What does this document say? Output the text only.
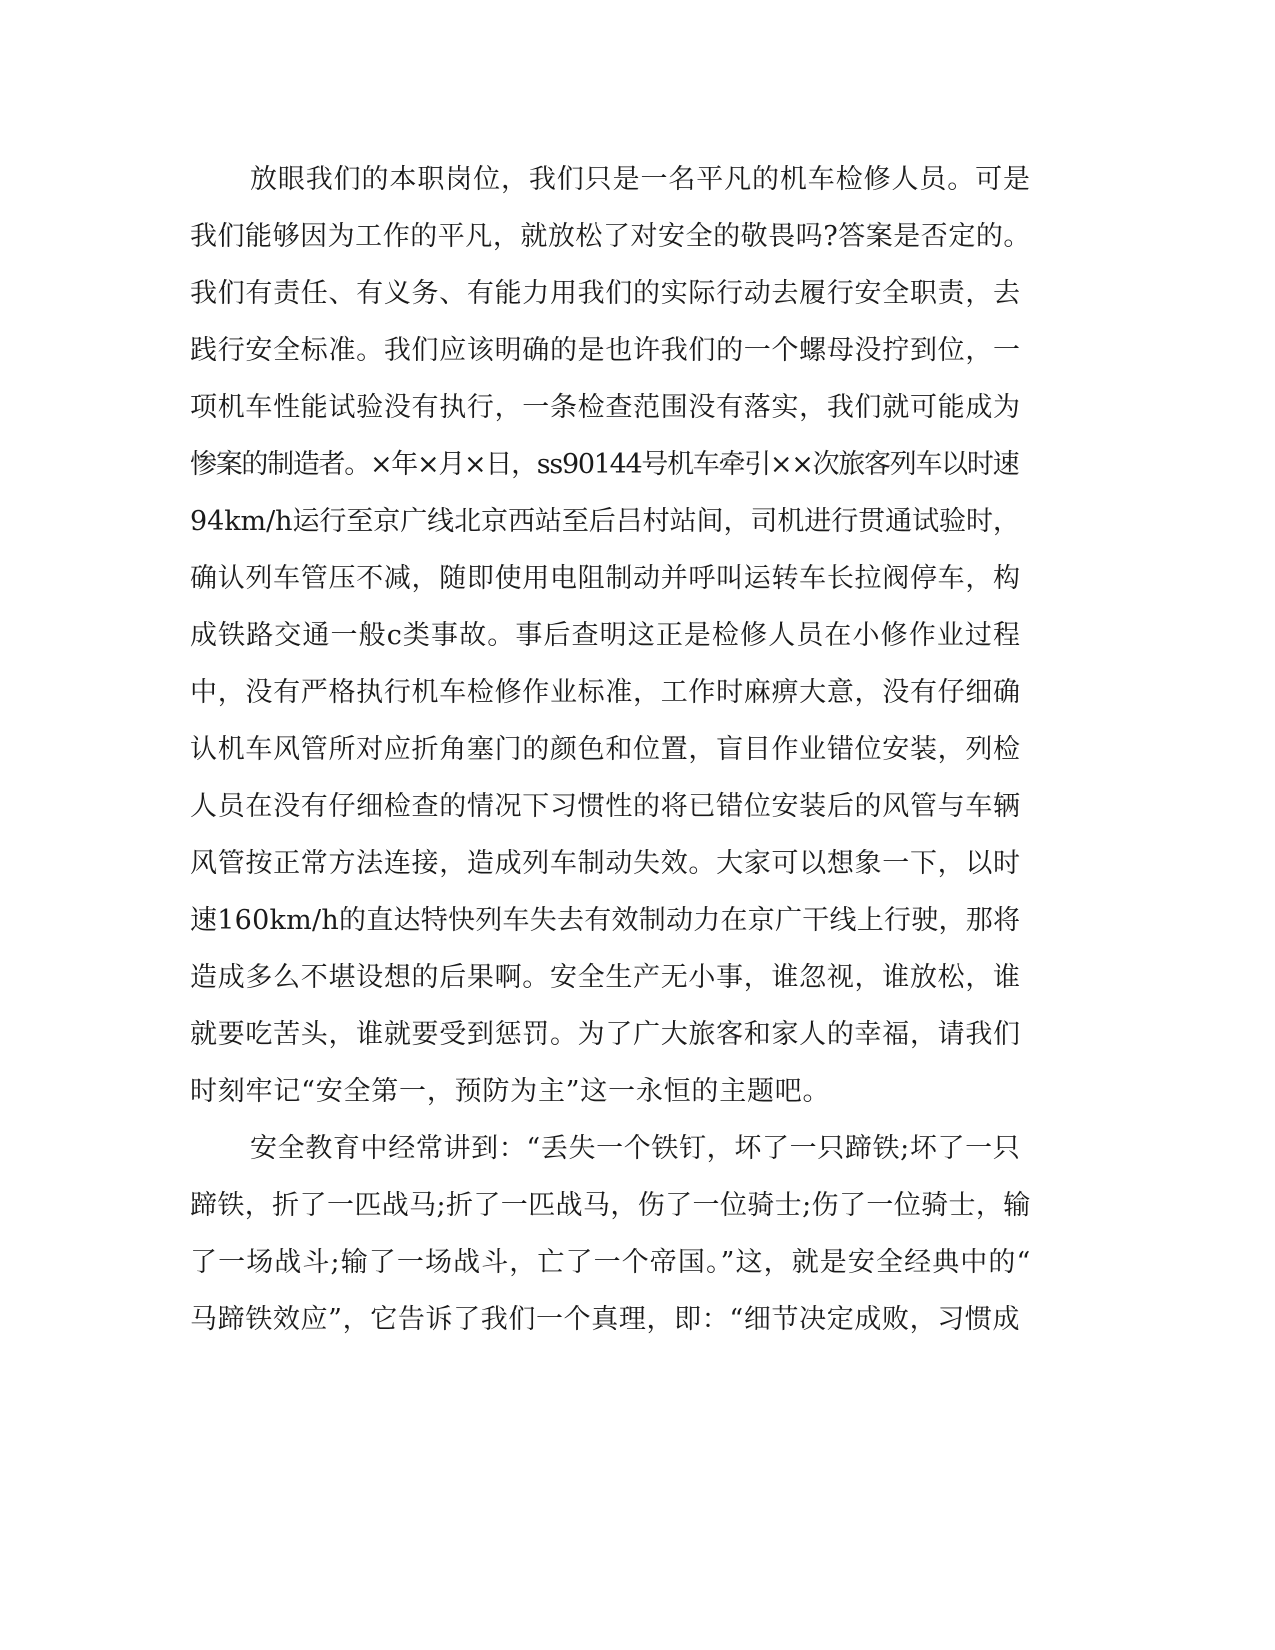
放眼我们的本职岗位，我们只是一名平凡的机车检修人员。可是
我们能够因为工作的平凡，就放松了对安全的敬畏吗?答案是否定的。
我们有责任、有义务、有能力用我们的实际行动去履行安全职责，去
践行安全标准。我们应该明确的是也许我们的一个螺母没拧到位，一
项机车性能试验没有执行，一条检查范围没有落实，我们就可能成为
惨案的制造者。×年×月×日，ss90144号机车牵引××次旅客列车以时速
94km/h运行至京广线北京西站至后吕村站间，司机进行贯通试验时，
确认列车管压不减，随即使用电阻制动并呼叫运转车长拉阀停车，构
成铁路交通一般c类事故。事后查明这正是检修人员在小修作业过程
中，没有严格执行机车检修作业标准，工作时麻痹大意，没有仔细确
认机车风管所对应折角塞门的颜色和位置，盲目作业错位安装，列检
人员在没有仔细检查的情况下习惯性的将已错位安装后的风管与车辆
风管按正常方法连接，造成列车制动失效。大家可以想象一下，以时
速160km/h的直达特快列车失去有效制动力在京广干线上行驶，那将
造成多么不堪设想的后果啊。安全生产无小事，谁忽视，谁放松，谁
就要吃苦头，谁就要受到惩罚。为了广大旅客和家人的幸福，请我们
时刻牢记“安全第一，预防为主”这一永恒的主题吧。
安全教育中经常讲到：“丢失一个铁钉，坏了一只蹄铁;坏了一只
蹄铁，折了一匹战马;折了一匹战马，伤了一位骑士;伤了一位骑士，输
了一场战斗;输了一场战斗，亡了一个帝国。”这，就是安全经典中的“
马蹄铁效应”，它告诉了我们一个真理，即：“细节决定成败，习惯成
